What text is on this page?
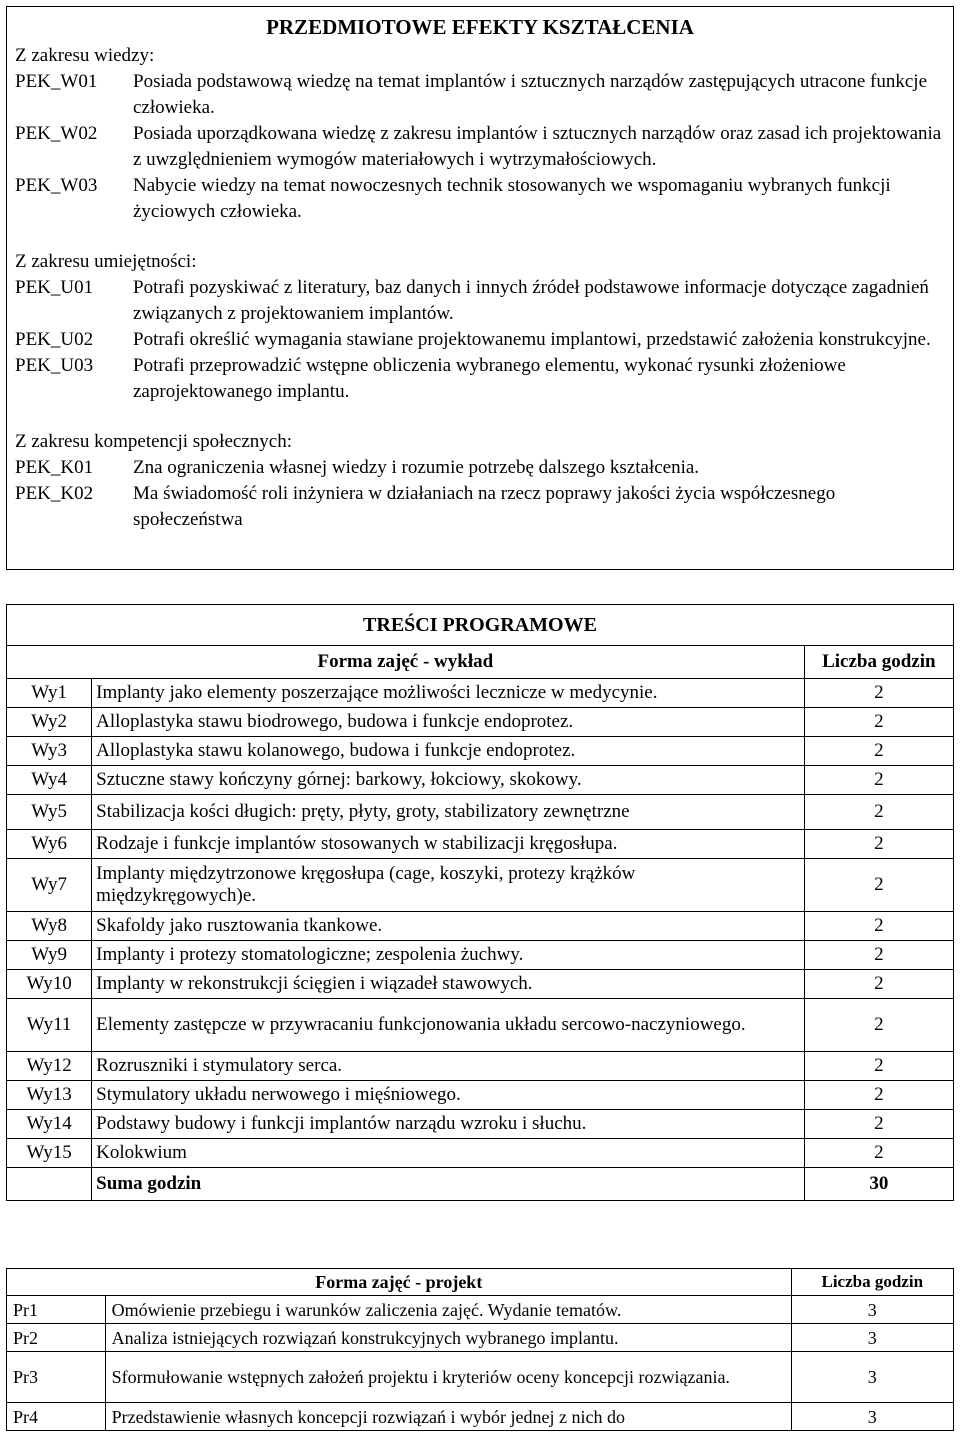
PRZEDMIOTOWE EFEKTY KSZTAŁCENIA
Z zakresu wiedzy:
PEK_W01	Posiada podstawową wiedzę na temat implantów i sztucznych narządów zastępujących utracone funkcje człowieka.
PEK_W02	Posiada uporządkowana wiedzę z zakresu implantów i sztucznych narządów oraz zasad ich projektowania z uwzględnieniem wymogów materiałowych i wytrzymałościowych.
PEK_W03	Nabycie wiedzy na temat nowoczesnych technik stosowanych we wspomaganiu wybranych funkcji życiowych człowieka.
Z zakresu umiejętności:
PEK_U01	Potrafi pozyskiwać z literatury, baz danych i innych źródeł podstawowe informacje dotyczące zagadnień związanych z projektowaniem implantów.
PEK_U02	Potrafi określić wymagania stawiane projektowanemu implantowi, przedstawić założenia konstrukcyjne.
PEK_U03	Potrafi przeprowadzić wstępne obliczenia wybranego elementu, wykonać rysunki złożeniowe zaprojektowanego implantu.
Z zakresu kompetencji społecznych:
PEK_K01	Zna ograniczenia własnej wiedzy i rozumie potrzebę dalszego kształcenia.
PEK_K02	Ma świadomość roli inżyniera w działaniach na rzecz poprawy jakości życia współczesnego społeczeństwa
TREŚCI PROGRAMOWE		
Forma zajęć - wykład		Liczba godzin
Wy1	Implanty jako elementy poszerzające możliwości lecznicze w medycynie.	2
Wy2	Alloplastyka stawu biodrowego, budowa i funkcje endoprotez.	2
Wy3	Alloplastyka stawu kolanowego, budowa i funkcje endoprotez.	2
Wy4	Sztuczne stawy kończyny górnej: barkowy, łokciowy, skokowy.	2
Wy5	Stabilizacja kości długich: pręty, płyty, groty, stabilizatory zewnętrzne	2
Wy6	Rodzaje i funkcje implantów stosowanych w stabilizacji kręgosłupa.	2
Wy7	Implanty międzytrzonowe kręgosłupa (cage, koszyki, protezy krążków międzykręgowych)e.	2
Wy8	Skafoldy jako rusztowania tkankowe.	2
Wy9	Implanty i protezy stomatologiczne; zespolenia żuchwy.	2
Wy10	Implanty w rekonstrukcji ścięgien i wiązadeł stawowych.	2
Wy11	Elementy zastępcze w przywracaniu funkcjonowania układu sercowo-naczyniowego.	2
Wy12	Rozruszniki i stymulatory serca.	2
Wy13	Stymulatory układu nerwowego i mięśniowego.	2
Wy14	Podstawy budowy i funkcji implantów narządu wzroku i słuchu.	2
Wy15	Kolokwium	2
	Suma godzin	30
Forma zajęć - projekt		Liczba godzin
Pr1	Omówienie przebiegu i warunków zaliczenia zajęć. Wydanie tematów.	3
Pr2	Analiza istniejących rozwiązań konstrukcyjnych wybranego implantu.	3
Pr3	Sformułowanie wstępnych założeń projektu i kryteriów oceny koncepcji rozwiązania.	3
Pr4	Przedstawienie własnych koncepcji rozwiązań i wybór jednej z nich do	3
